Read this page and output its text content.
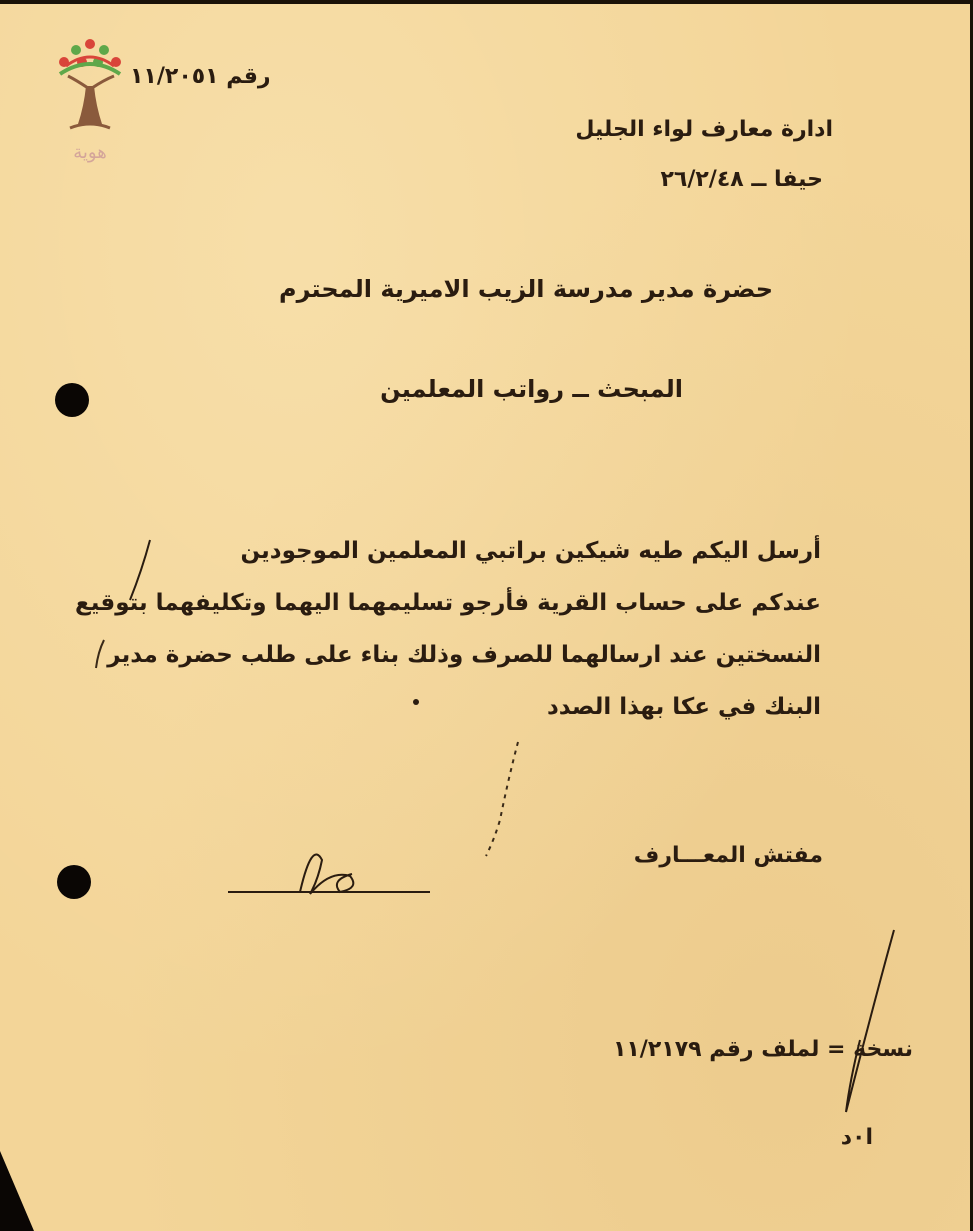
هوية
رقم ١١/٢٠٥١
ادارة معارف لواء الجليل
حيفا ــ ٢٦/٢/٤٨
حضرة مدير مدرسة الزيب الاميرية المحترم
المبحث ــ رواتب المعلمين
أرسل اليكم طيه شيكين براتبي المعلمين الموجودين
عندكم على حساب القرية فأرجو تسليمهما اليهما وتكليفهما بتوقيع
النسختين عند ارسالهما للصرف وذلك بناء على طلب حضرة مدير
البنك في عكا بهذا الصدد
مفتش المعـــارف
نسخة = لملف رقم ١١/٢١٧٩
ا٠د
